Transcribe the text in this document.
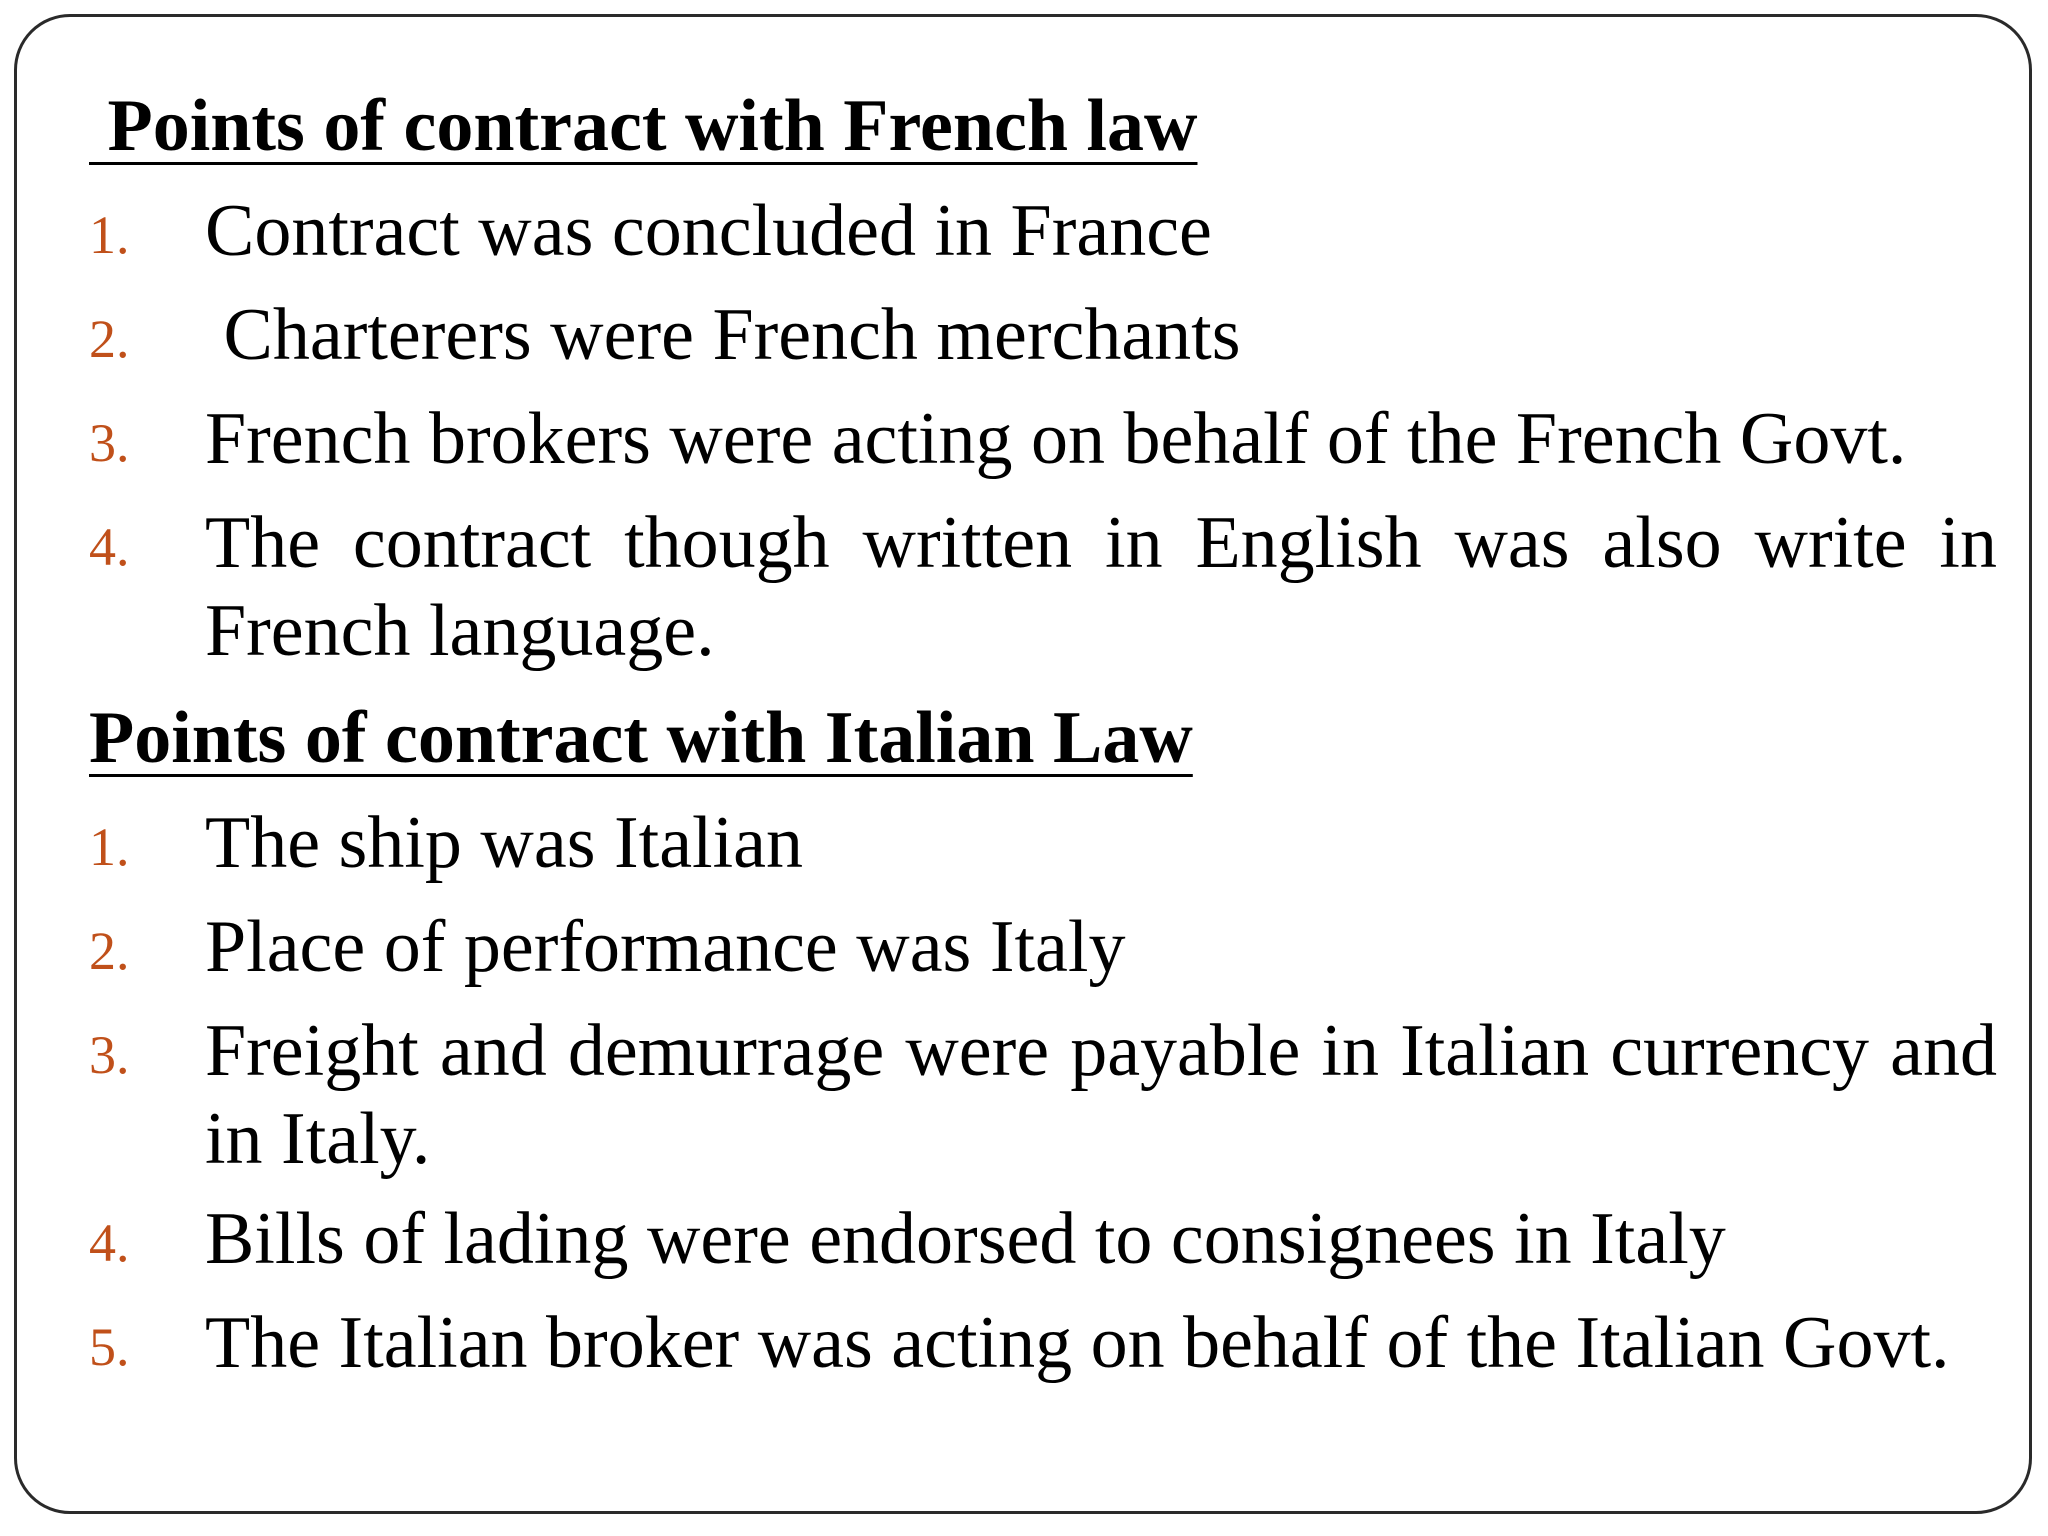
Points of contract with French law
1.	Contract was concluded in France
2.	Charterers were French merchants
3.	French brokers were acting on behalf of the French Govt.
4.	The contract though written in English was also write in French language.
Points of contract with Italian Law
1.	The ship was Italian
2.	Place of performance was Italy
3.	Freight and demurrage were payable in Italian currency and in Italy.
4.	Bills of lading were endorsed to consignees in Italy
5.	The Italian broker was acting on behalf of the Italian Govt.
